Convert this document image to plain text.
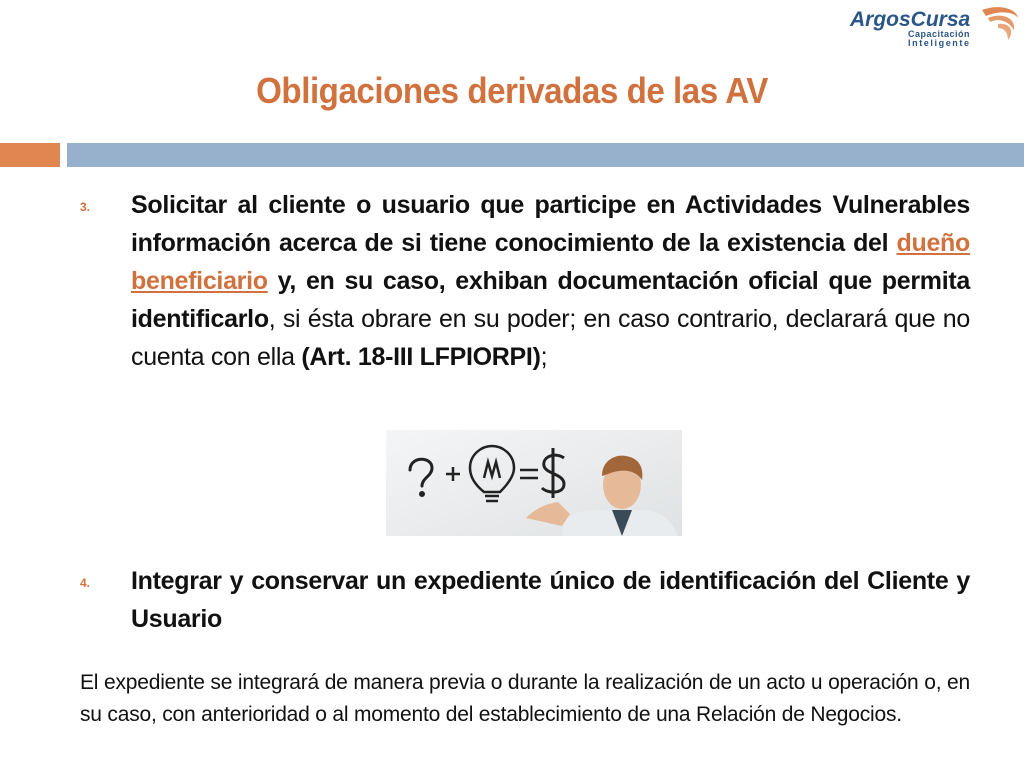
ArgosCursa
Capacitación
Inteligente
Obligaciones derivadas de las AV
3. Solicitar al cliente o usuario que participe en Actividades Vulnerables información acerca de si tiene conocimiento de la existencia del dueño beneficiario y, en su caso, exhiban documentación oficial que permita identificarlo, si ésta obrare en su poder; en caso contrario, declarará que no cuenta con ella (Art. 18-III LFPIORPI);
4. Integrar y conservar un expediente único de identificación del Cliente y Usuario
El expediente se integrará de manera previa o durante la realización de un acto u operación o, en su caso, con anterioridad o al momento del establecimiento de una Relación de Negocios.
